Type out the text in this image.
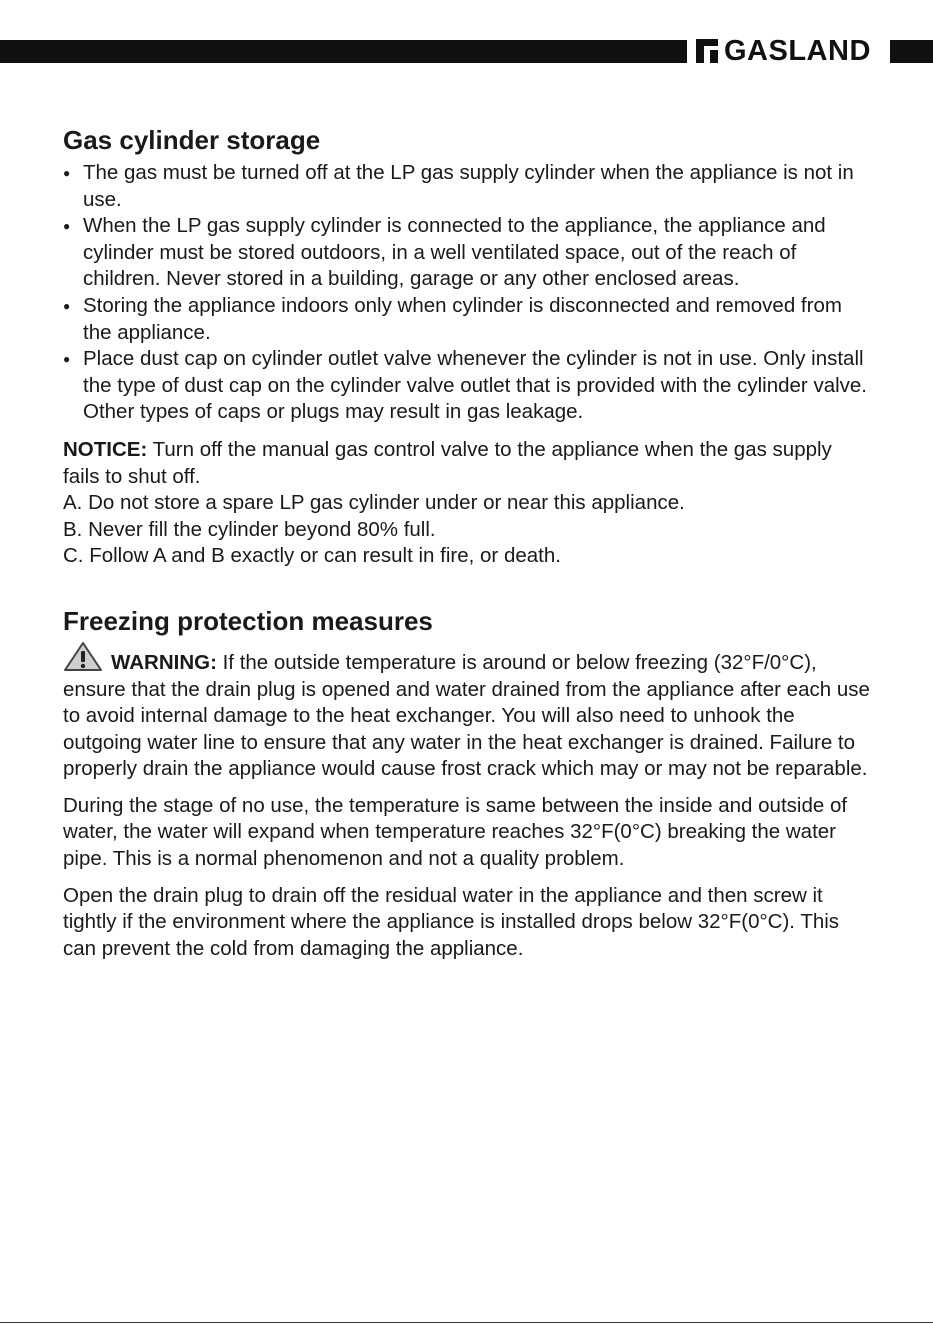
GASLAND
Gas cylinder storage
● The gas must be turned off at the LP gas supply cylinder when the appliance is not in use.
● When the LP gas supply cylinder is connected to the appliance, the appliance and cylinder must be stored outdoors, in a well ventilated space, out of the reach of children. Never stored in a building, garage or any other enclosed areas.
● Storing the appliance indoors only when cylinder is disconnected and removed from the appliance.
● Place dust cap on cylinder outlet valve whenever the cylinder is not in use. Only install the type of dust cap on the cylinder valve outlet that is provided with the cylinder valve. Other types of caps or plugs may result in gas leakage.

NOTICE: Turn off the manual gas control valve to the appliance when the gas supply fails to shut off.

A. Do not store a spare LP gas cylinder under or near this appliance.

B. Never fill the cylinder beyond 80% full.

C. Follow A and B exactly or can result in fire, or death.

Freezing protection measures

WARNING: If the outside temperature is around or below freezing (32°F/0°C), ensure that the drain plug is opened and water drained from the appliance after each use to avoid internal damage to the heat exchanger. You will also need to unhook the outgoing water line to ensure that any water in the heat exchanger is drained. Failure to properly drain the appliance would cause frost crack which may or may not be reparable.

During the stage of no use, the temperature is same between the inside and outside of water, the water will expand when temperature reaches 32°F(0°C) breaking the water pipe. This is a normal phenomenon and not a quality problem.

Open the drain plug to drain off the residual water in the appliance and then screw it tightly if the environment where the appliance is installed drops below 32°F(0°C). This can prevent the cold from damaging the appliance.
